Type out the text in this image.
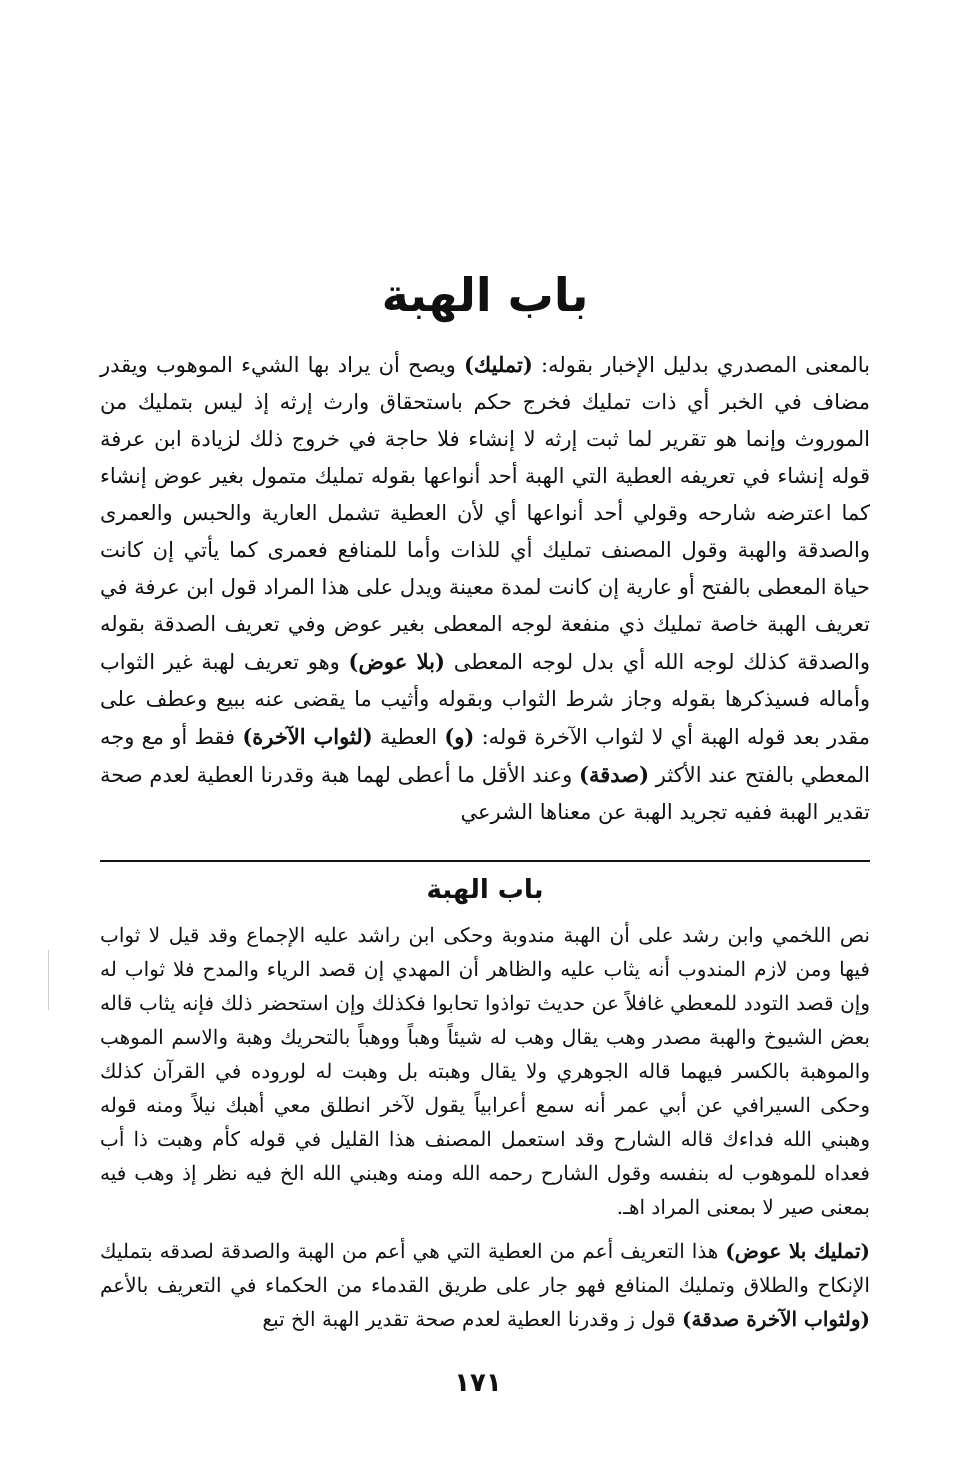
باب الهبة

بالمعنى المصدري بدليل الإخبار بقوله: (تمليك) ويصح أن يراد بها الشيء الموهوب ويقدر مضاف في الخبر أي ذات تمليك فخرج حكم باستحقاق وارث إرثه إذ ليس بتمليك من الموروث وإنما هو تقرير لما ثبت إرثه لا إنشاء فلا حاجة في خروج ذلك لزيادة ابن عرفة قوله إنشاء في تعريفه العطية التي الهبة أحد أنواعها بقوله تمليك متمول بغير عوض إنشاء كما اعترضه شارحه وقولي أحد أنواعها أي لأن العطية تشمل العارية والحبس والعمرى والصدقة والهبة وقول المصنف تمليك أي للذات وأما للمنافع فعمرى كما يأتي إن كانت حياة المعطى بالفتح أو عارية إن كانت لمدة معينة ويدل على هذا المراد قول ابن عرفة في تعريف الهبة خاصة تمليك ذي منفعة لوجه المعطى بغير عوض وفي تعريف الصدقة بقوله والصدقة كذلك لوجه الله أي بدل لوجه المعطى (بلا عوض) وهو تعريف لهبة غير الثواب وأماله فسيذكرها بقوله وجاز شرط الثواب وبقوله وأثيب ما يقضى عنه ببيع وعطف على مقدر بعد قوله الهبة أي لا لثواب الآخرة قوله: (و) العطية (لثواب الآخرة) فقط أو مع وجه المعطي بالفتح عند الأكثر (صدقة) وعند الأقل ما أعطى لهما هبة وقدرنا العطية لعدم صحة تقدير الهبة ففيه تجريد الهبة عن معناها الشرعي

باب الهبة

نص اللخمي وابن رشد على أن الهبة مندوبة وحكى ابن راشد عليه الإجماع وقد قيل لا ثواب فيها ومن لازم المندوب أنه يثاب عليه والظاهر أن المهدي إن قصد الرياء والمدح فلا ثواب له وإن قصد التودد للمعطي غافلاً عن حديث تواذوا تحابوا فكذلك وإن استحضر ذلك فإنه يثاب قاله بعض الشيوخ والهبة مصدر وهب يقال وهب له شيئاً وهباً ووهباً بالتحريك وهبة والاسم الموهب والموهبة بالكسر فيهما قاله الجوهري ولا يقال وهبته بل وهبت له لوروده في القرآن كذلك وحكى السيرافي عن أبي عمر أنه سمع أعرابياً يقول لآخر انطلق معي أهبك نيلاً ومنه قوله وهبني الله فداءك قاله الشارح وقد استعمل المصنف هذا القليل في قوله كأم وهبت ذا أب فعداه للموهوب له بنفسه وقول الشارح رحمه الله ومنه وهبني الله الخ فيه نظر إذ وهب فيه بمعنى صير لا بمعنى المراد اهـ.

(تمليك بلا عوض) هذا التعريف أعم من العطية التي هي أعم من الهبة والصدقة لصدقه بتمليك الإنكاح والطلاق وتمليك المنافع فهو جار على طريق القدماء من الحكماء في التعريف بالأعم (ولثواب الآخرة صدقة) قول ز وقدرنا العطية لعدم صحة تقدير الهبة الخ تبع

١٧١
